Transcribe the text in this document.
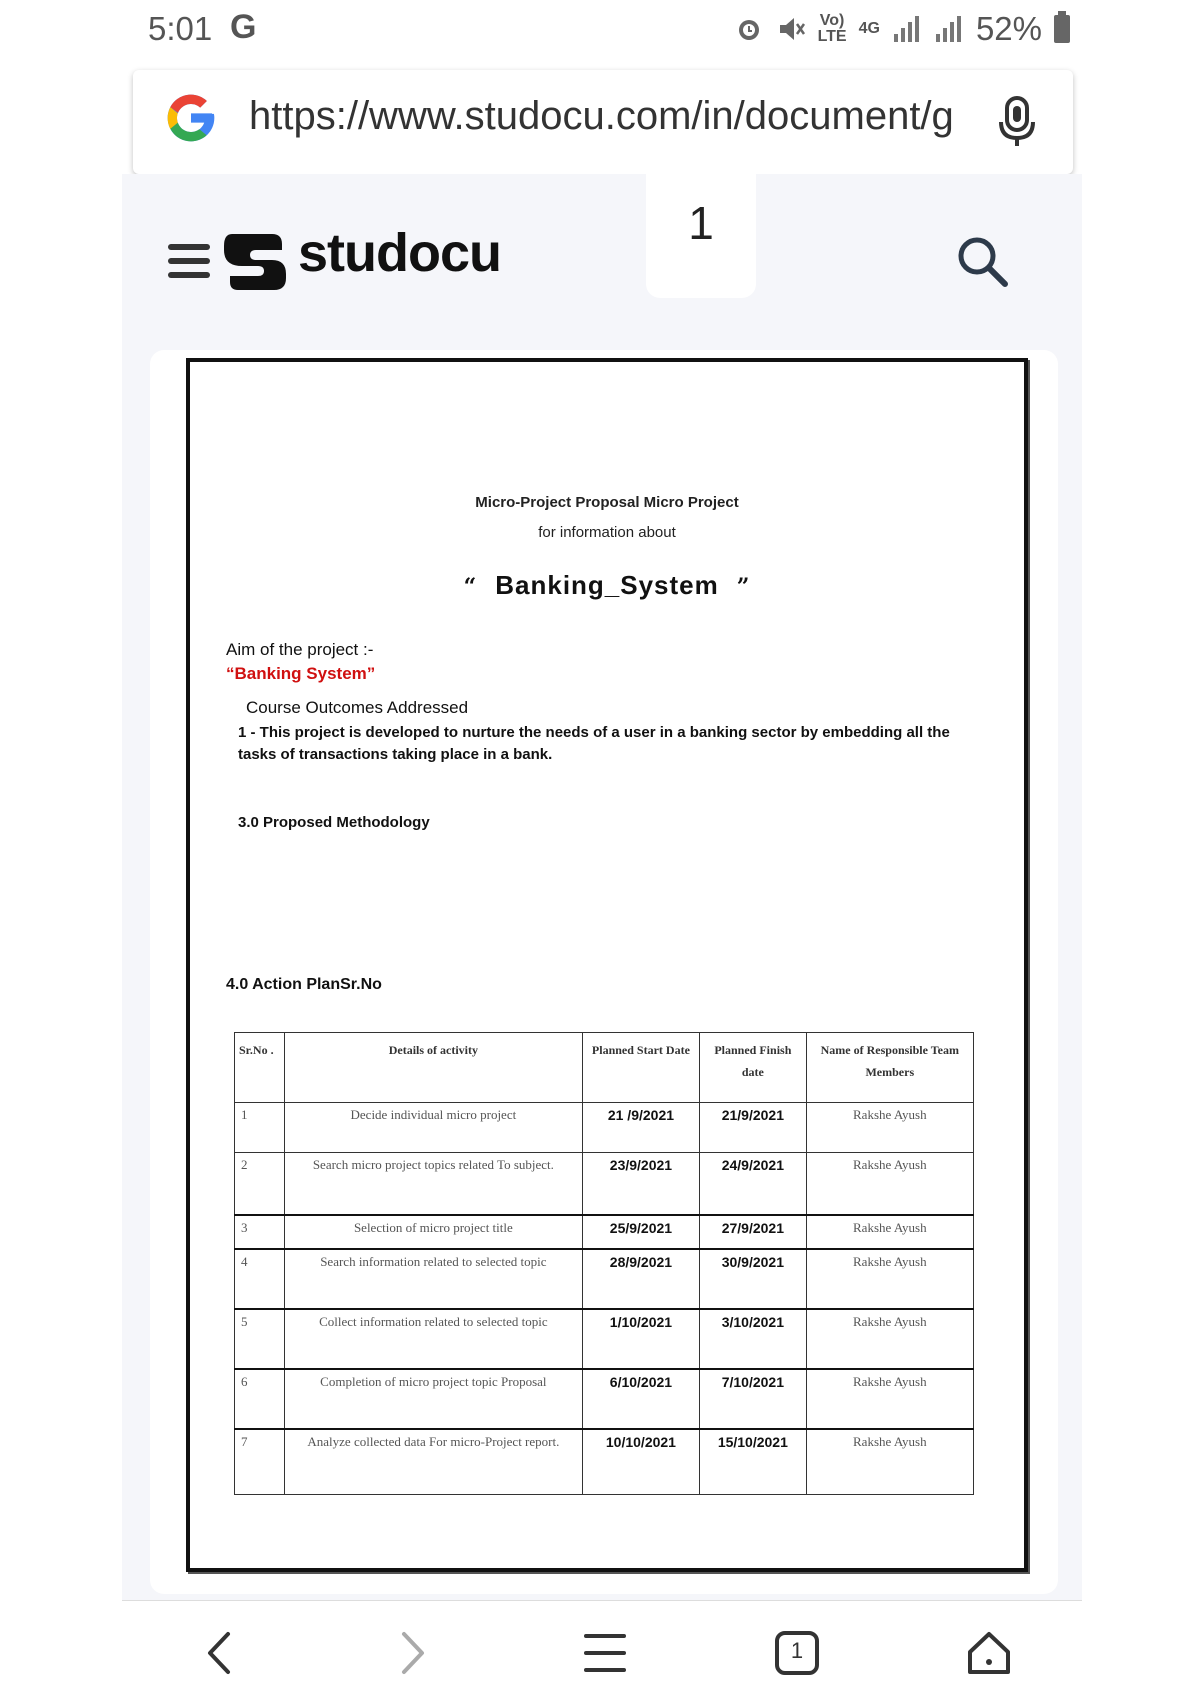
5:01 G	Vo)
LTE 4G	52%
https://www.studocu.com/in/document/g
1
studocu
Micro-Project Proposal Micro Project
for information about
“ Banking_System ”
Aim of the project :-
“Banking System”
Course Outcomes Addressed
1 - This project is developed to nurture the needs of a user in a banking sector by embedding all the tasks of transactions taking place in a bank.
3.0 Proposed Methodology
4.0 Action PlanSr.No
Sr.No .	Details of activity	Planned Start Date	Planned Finish date	Name of Responsible Team Members
1	Decide individual micro project	21 /9/2021	21/9/2021	Rakshe Ayush
2	Search micro project topics related To subject.	23/9/2021	24/9/2021	Rakshe Ayush
3	Selection of micro project title	25/9/2021	27/9/2021	Rakshe Ayush
4	Search information related to selected topic	28/9/2021	30/9/2021	Rakshe Ayush
5	Collect information related to selected topic	1/10/2021	3/10/2021	Rakshe Ayush
6	Completion of micro project topic Proposal	6/10/2021	7/10/2021	Rakshe Ayush
7	Analyze collected data For micro-Project report.	10/10/2021	15/10/2021	Rakshe Ayush
1
